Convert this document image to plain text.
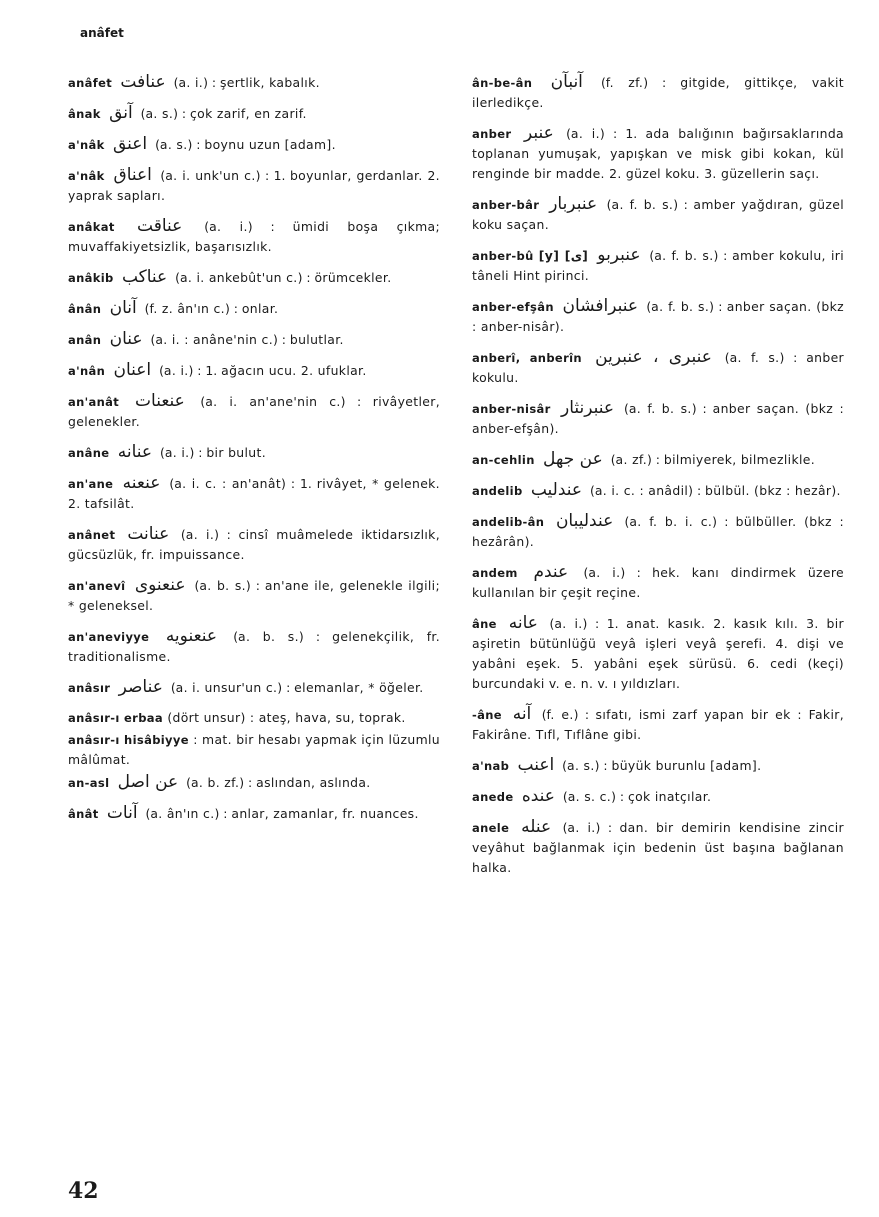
anâfet
anâfet عنافت (a. i.) : şertlik, kabalık.
ânak آنق (a. s.) : çok zarif, en zarif.
a'nâk اعنق (a. s.) : boynu uzun [adam].
a'nâk اعناق (a. i. unk'un c.) : 1. boyunlar, gerdanlar. 2. yaprak sapları.
anâkat عناقت (a. i.) : ümidi boşa çıkma; muvaffakiyetsizlik, başarısızlık.
anâkib عناكب (a. i. ankebût'un c.) : örümcekler.
ânân آنان (f. z. ân'ın c.) : onlar.
anân عنان (a. i. : anâne'nin c.) : bulutlar.
a'nân اعنان (a. i.) : 1. ağacın ucu. 2. ufuklar.
an'anât عنعنات (a. i. an'ane'nin c.) : rivâyetler, gelenekler.
anâne عنانه (a. i.) : bir bulut.
an'ane عنعنه (a. i. c. : an'anât) : 1. rivâyet, * gelenek. 2. tafsilât.
anânet عنانت (a. i.) : cinsî muâmelede iktidarsızlık, gücsüzlük, fr. impuissance.
an'anevî عنعنوى (a. b. s.) : an'ane ile, gelenekle ilgili; * geleneksel.
an'aneviyye عنعنويه (a. b. s.) : gelenekçilik, fr. traditionalisme.
anâsır عناصر (a. i. unsur'un c.) : elemanlar, * öğeler.
anâsır-ı erbaa (dört unsur) : ateş, hava, su, toprak.
anâsır-ı hisâbiyye : mat. bir hesabı yapmak için lüzumlu mâlûmat.
an-asl عن اصل (a. b. zf.) : aslından, aslında.
ânât آنات (a. ân'ın c.) : anlar, zamanlar, fr. nuances.
ân-be-ân آنبآن (f. zf.) : gitgide, gittikçe, vakit ilerledikçe.
anber عنبر (a. i.) : 1. ada balığının bağırsaklarında toplanan yumuşak, yapışkan ve misk gibi kokan, kül renginde bir madde. 2. güzel koku. 3. güzellerin saçı.
anber-bâr عنبربار (a. f. b. s.) : amber yağdıran, güzel koku saçan.
anber-bû [y] [ى] عنبربو (a. f. b. s.) : amber kokulu, iri tâneli Hint pirinci.
anber-efşân عنبرافشان (a. f. b. s.) : anber saçan. (bkz : anber-nisâr).
anberî, anberîn عنبرى ، عنبرين (a. f. s.) : anber kokulu.
anber-nisâr عنبرنثار (a. f. b. s.) : anber saçan. (bkz : anber-efşân).
an-cehlin عن جهل (a. zf.) : bilmiyerek, bilmezlikle.
andelib عندليب (a. i. c. : anâdil) : bülbül. (bkz : hezâr).
andelib-ân عندليبان (a. f. b. i. c.) : bülbüller. (bkz : hezârân).
andem عندم (a. i.) : hek. kanı dindirmek üzere kullanılan bir çeşit reçine.
âne عانه (a. i.) : 1. anat. kasık. 2. kasık kılı. 3. bir aşiretin bütünlüğü veyâ işleri veyâ şerefi. 4. dişi ve yabâni eşek. 5. yabâni eşek sürüsü. 6. cedi (keçi) burcundaki v. e. n. v. ı yıldızları.
-âne آنه (f. e.) : sıfatı, ismi zarf yapan bir ek : Fakir, Fakirâne. Tıfl, Tıflâne gibi.
a'nab اعنب (a. s.) : büyük burunlu [adam].
anede عنده (a. s. c.) : çok inatçılar.
anele عنله (a. i.) : dan. bir demirin kendisine zincir veyâhut bağlanmak için bedenin üst başına bağlanan halka.
42
